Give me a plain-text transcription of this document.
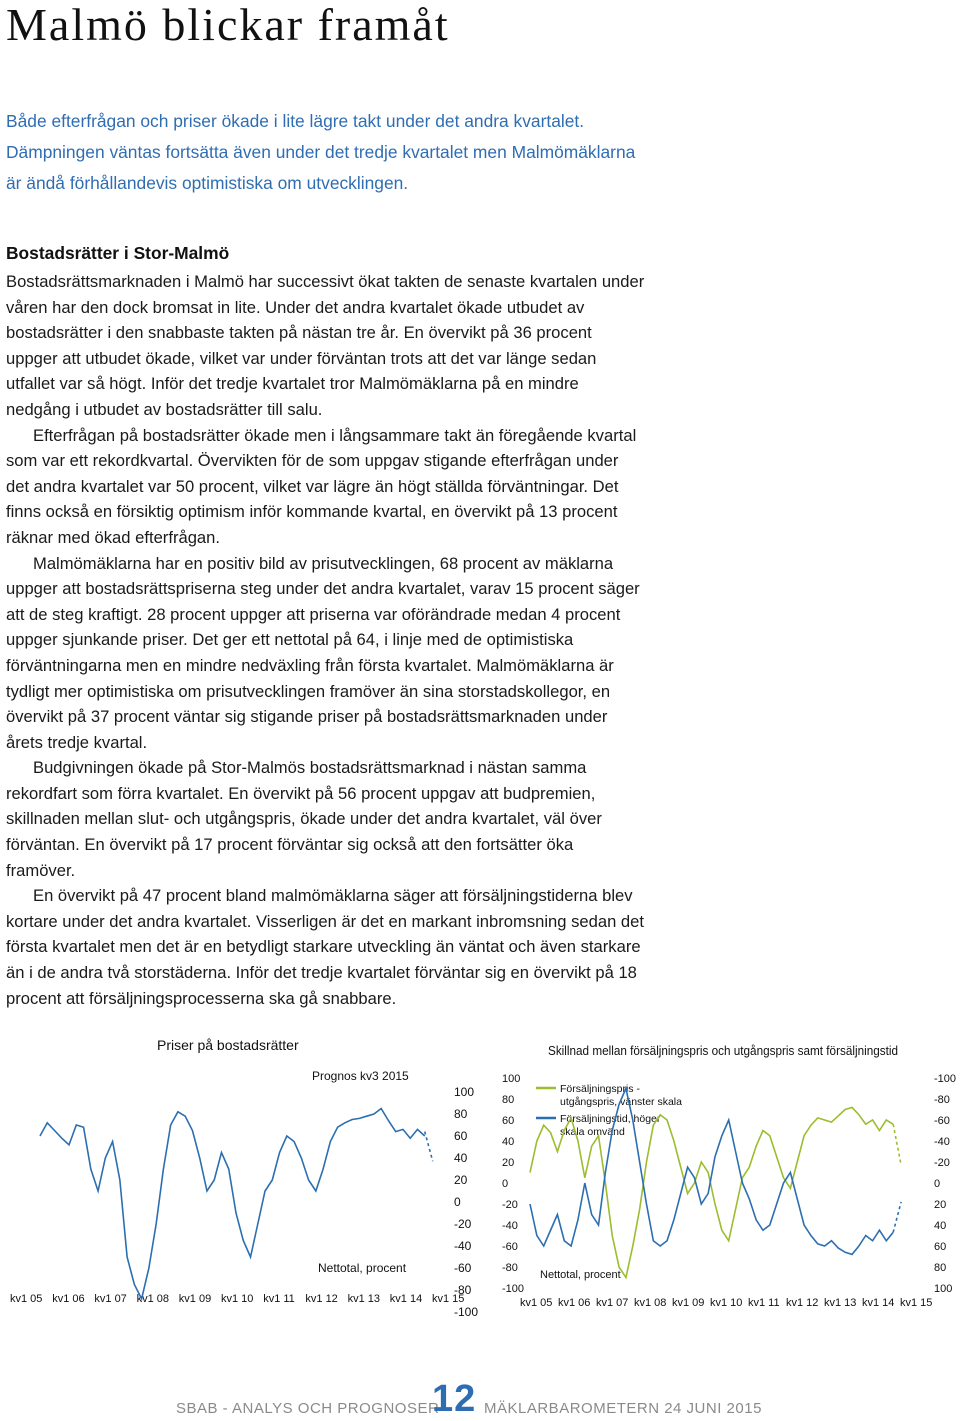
Malmö blickar framåt

Både efterfrågan och priser ökade i lite lägre takt under det andra kvartalet. Dämpningen väntas fortsätta även under det tredje kvartalet men Malmömäklarna är ändå förhållandevis optimistiska om utvecklingen.

Bostadsrätter i Stor-Malmö

Bostadsrättsmarknaden i Malmö har successivt ökat takten de senaste kvartalen under våren har den dock bromsat in lite. Under det andra kvartalet ökade utbudet av bostadsrätter i den snabbaste takten på nästan tre år. En övervikt på 36 procent uppger att utbudet ökade, vilket var under förväntan trots att det var länge sedan utfallet var så högt. Inför det tredje kvartalet tror Malmömäklarna på en mindre nedgång i utbudet av bostadsrätter till salu.

Efterfrågan på bostadsrätter ökade men i långsammare takt än föregående kvartal som var ett rekordkvartal. Övervikten för de som uppgav stigande efterfrågan under det andra kvartalet var 50 procent, vilket var lägre än högt ställda förväntningar. Det finns också en försiktig optimism inför kommande kvartal, en övervikt på 13 procent räknar med ökad efterfrågan.

Malmömäklarna har en positiv bild av prisutvecklingen, 68 procent av mäklarna uppger att bostadsrättspriserna steg under det andra kvartalet, varav 15 procent säger att de steg kraftigt. 28 procent uppger att priserna var oförändrade medan 4 procent uppger sjunkande priser. Det ger ett nettotal på 64, i linje med de optimistiska förväntningarna men en mindre nedväxling från första kvartalet. Malmömäklarna är tydligt mer optimistiska om prisutvecklingen framöver än sina storstadskollegor, en övervikt på 37 procent väntar sig stigande priser på bostadsrättsmarknaden under årets tredje kvartal.

Budgivningen ökade på Stor-Malmös bostadsrättsmarknad i nästan samma rekordfart som förra kvartalet. En övervikt på 56 procent uppgav att budpremien, skillnaden mellan slut- och utgångspris, ökade under det andra kvartalet, väl över förväntan. En övervikt på 17 procent förväntar sig också att den fortsätter öka framöver.

En övervikt på 47 procent bland malmömäklarna säger att försäljningstiderna blev kortare under det andra kvartalet. Visserligen är det en markant inbromsning sedan det första kvartalet men det är en betydligt starkare utveckling än väntat och även starkare än i de andra två storstäderna. Inför det tredje kvartalet förväntar sig en övervikt på 18 procent att försäljningsprocesserna ska gå snabbare.

Priser på bostadsrätter
Prognos kv3 2015
Nettotal, procent
100
80
60
40
20
0
-20
-40
-60
-80
-100
kv1 05 kv1 06 kv1 07 kv1 08 kv1 09 kv1 10 kv1 11 kv1 12 kv1 13 kv1 14 kv1 15
Skillnad mellan försäljningspris och utgångspris samt försäljningstid
Nettotal, procent
Försäljningspris -utgångspris, vänster skala
Försäljningstid, höger skala omvänd
100
80
60
40
20
0
-20
-40
-60
-80
-100
-100
-80
-60
-40
-20
0
20
40
60
80
100
kv1 05 kv1 06 kv1 07 kv1 08 kv1 09 kv1 10 kv1 11 kv1 12 kv1 13 kv1 14 kv1 15
SBAB - ANALYS OCH PROGNOSER
12 MÄKLARBAROMETERN 24 JUNI 2015
